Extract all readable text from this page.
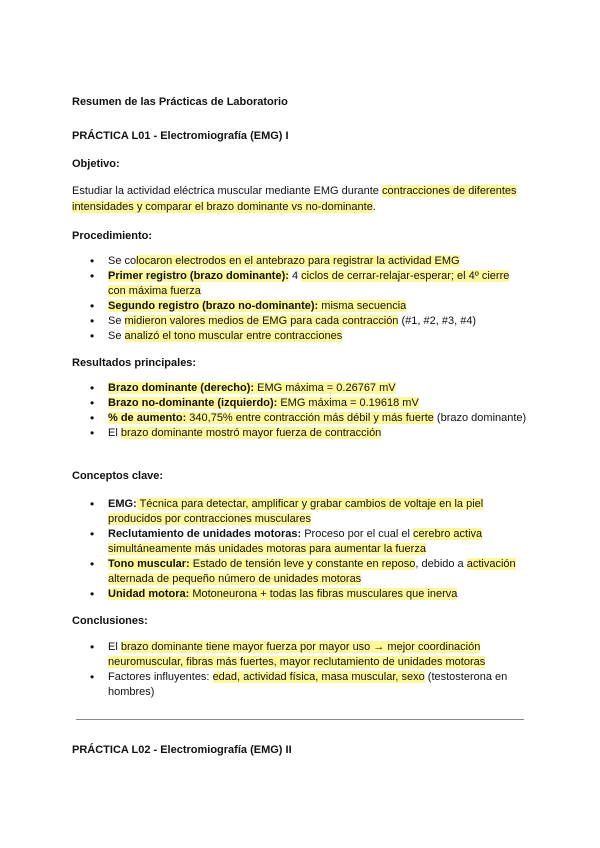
Resumen de las Prácticas de Laboratorio
PRÁCTICA L01 - Electromiografía (EMG) I
Objetivo:
Estudiar la actividad eléctrica muscular mediante EMG durante contracciones de diferentes intensidades y comparar el brazo dominante vs no-dominante.
Procedimiento:
• Se colocaron electrodos en el antebrazo para registrar la actividad EMG
• Primer registro (brazo dominante): 4 ciclos de cerrar-relajar-esperar; el 4º cierre con máxima fuerza
• Segundo registro (brazo no-dominante): misma secuencia
• Se midieron valores medios de EMG para cada contracción (#1, #2, #3, #4)
• Se analizó el tono muscular entre contracciones
Resultados principales:
• Brazo dominante (derecho): EMG máxima = 0.26767 mV
• Brazo no-dominante (izquierdo): EMG máxima = 0.19618 mV
• % de aumento: 340,75% entre contracción más débil y más fuerte (brazo dominante)
• El brazo dominante mostró mayor fuerza de contracción
Conceptos clave:
• EMG: Técnica para detectar, amplificar y grabar cambios de voltaje en la piel producidos por contracciones musculares
• Reclutamiento de unidades motoras: Proceso por el cual el cerebro activa simultáneamente más unidades motoras para aumentar la fuerza
• Tono muscular: Estado de tensión leve y constante en reposo, debido a activación alternada de pequeño número de unidades motoras
• Unidad motora: Motoneurona + todas las fibras musculares que inerva
Conclusiones:
• El brazo dominante tiene mayor fuerza por mayor uso → mejor coordinación neuromuscular, fibras más fuertes, mayor reclutamiento de unidades motoras
• Factores influyentes: edad, actividad física, masa muscular, sexo (testosterona en hombres)
PRÁCTICA L02 - Electromiografía (EMG) II
